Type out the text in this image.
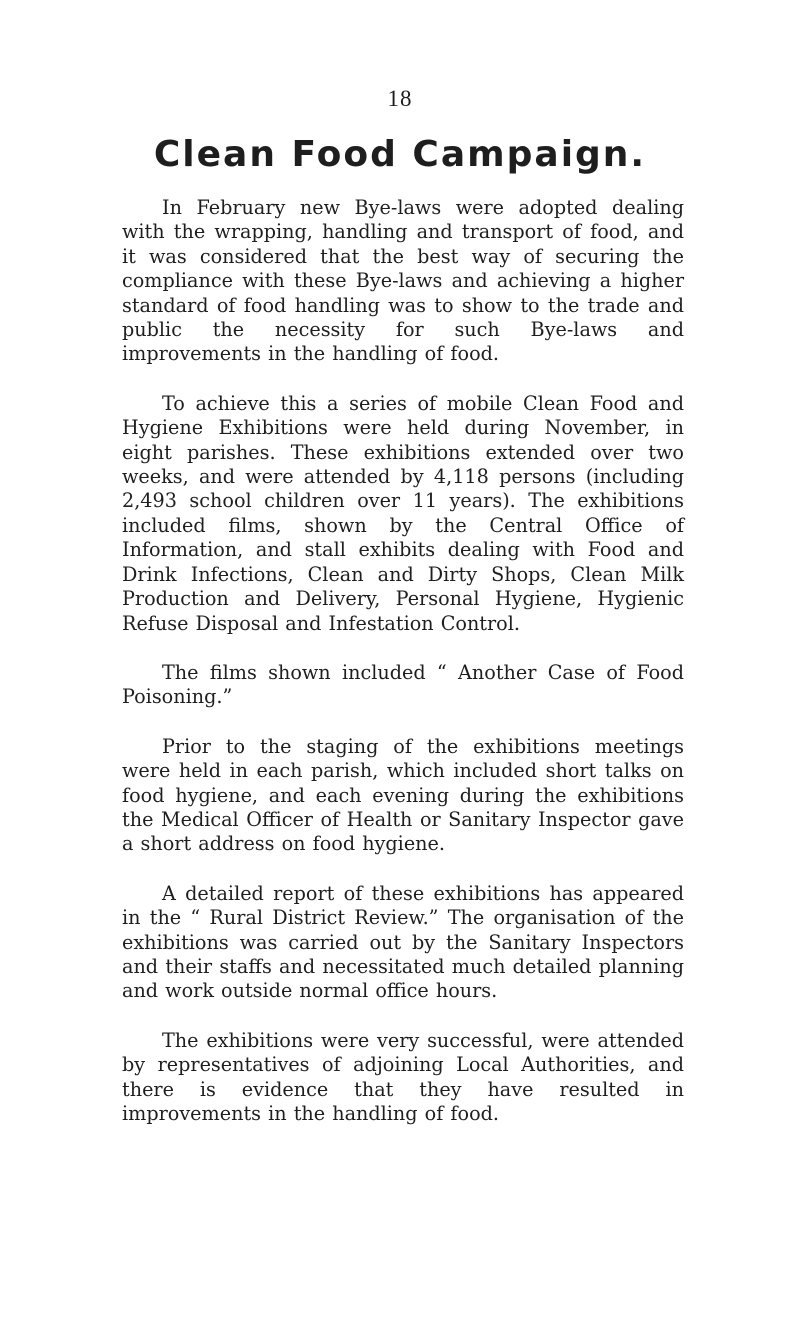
18
Clean Food Campaign.

In February new Bye-laws were adopted dealing with the wrapping, handling and transport of food, and it was considered that the best way of securing the compliance with these Bye-laws and achieving a higher standard of food handling was to show to the trade and public the necessity for such Bye-laws and improvements in the handling of food.

To achieve this a series of mobile Clean Food and Hygiene Exhibitions were held during November, in eight parishes. These exhibitions extended over two weeks, and were attended by 4,118 persons (including 2,493 school children over 11 years). The exhibitions included films, shown by the Central Office of Information, and stall exhibits dealing with Food and Drink Infections, Clean and Dirty Shops, Clean Milk Production and Delivery, Personal Hygiene, Hygienic Refuse Disposal and Infestation Control.

The films shown included “ Another Case of Food Poisoning.”

Prior to the staging of the exhibitions meetings were held in each parish, which included short talks on food hygiene, and each evening during the exhibitions the Medical Officer of Health or Sanitary Inspector gave a short address on food hygiene.

A detailed report of these exhibitions has appeared in the “ Rural District Review.” The organisation of the exhibitions was carried out by the Sanitary Inspectors and their staffs and necessitated much detailed planning and work outside normal office hours.

The exhibitions were very successful, were attended by representatives of adjoining Local Authorities, and there is evidence that they have resulted in improvements in the handling of food.
